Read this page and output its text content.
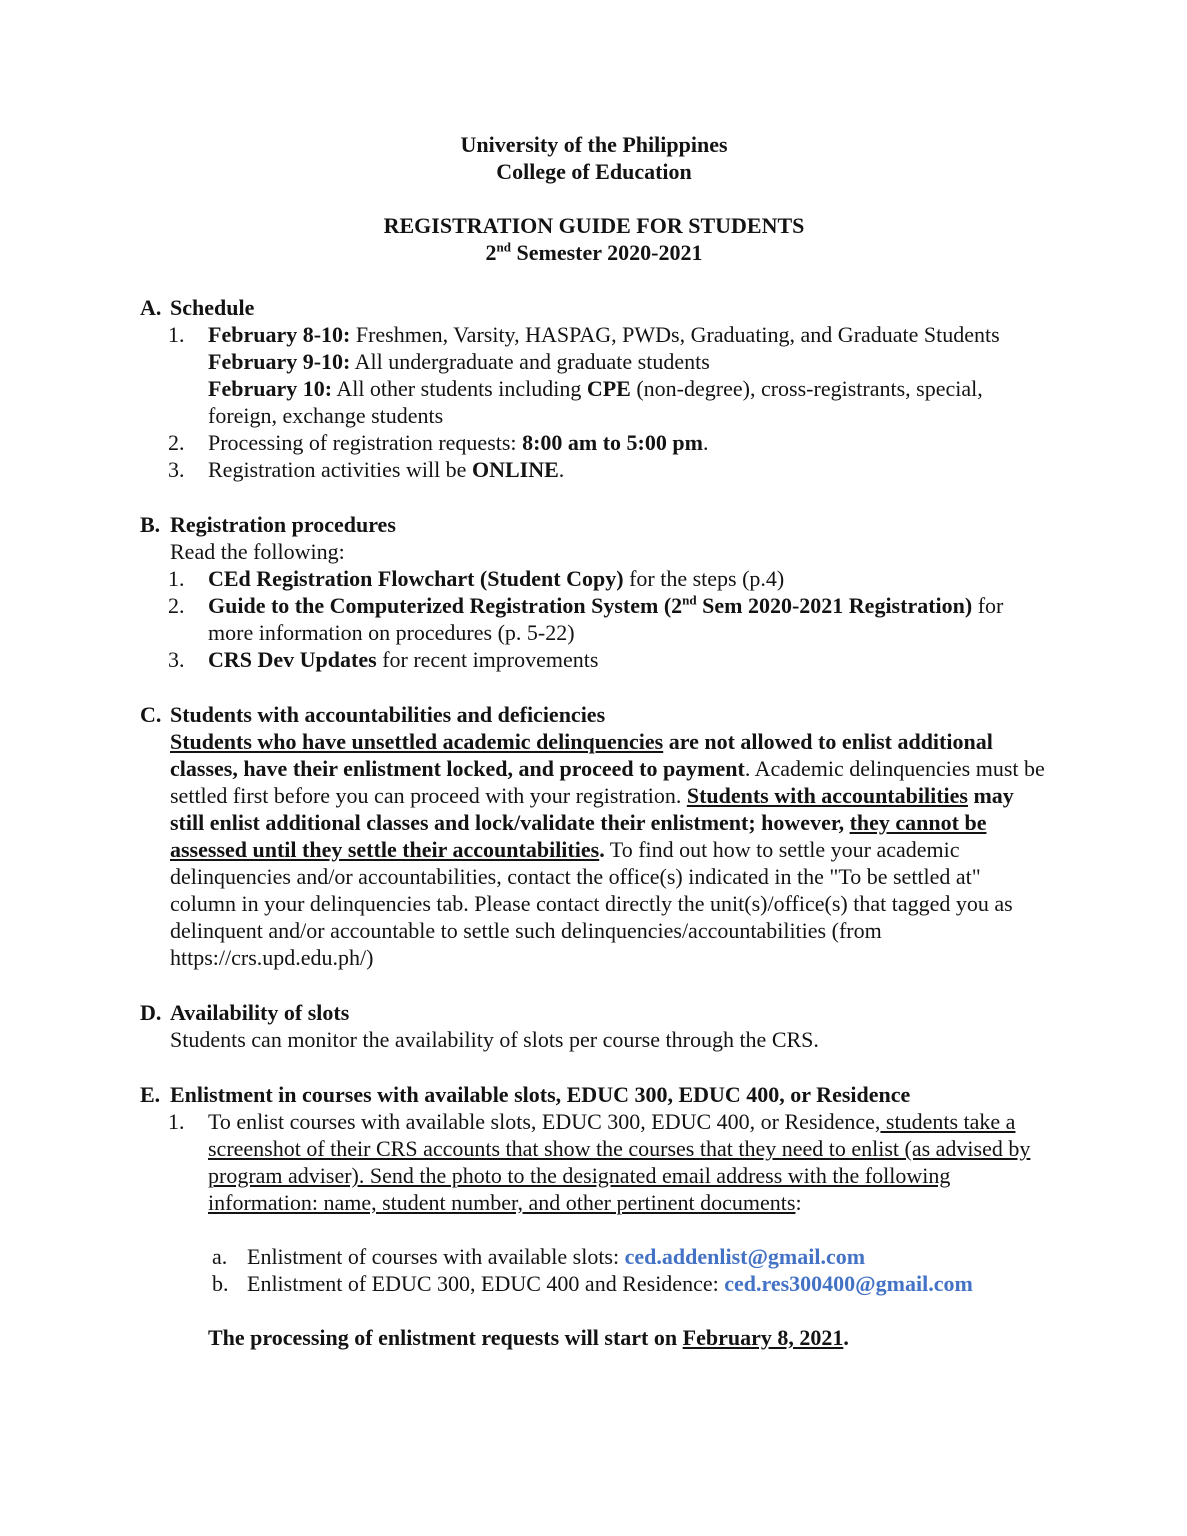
University of the Philippines
College of Education
REGISTRATION GUIDE FOR STUDENTS
2nd Semester 2020-2021
A. Schedule
1.	February 8-10: Freshmen, Varsity, HASPAG, PWDs, Graduating, and Graduate Students
February 9-10: All undergraduate and graduate students
February 10: All other students including CPE (non-degree), cross-registrants, special, foreign, exchange students
2.	Processing of registration requests: 8:00 am to 5:00 pm.
3.	Registration activities will be ONLINE.
B. Registration procedures
Read the following:
1.	CEd Registration Flowchart (Student Copy) for the steps (p.4)
2.	Guide to the Computerized Registration System (2nd Sem 2020-2021 Registration) for more information on procedures (p. 5-22)
3.	CRS Dev Updates for recent improvements
C. Students with accountabilities and deficiencies
Students who have unsettled academic delinquencies are not allowed to enlist additional classes, have their enlistment locked, and proceed to payment. Academic delinquencies must be settled first before you can proceed with your registration. Students with accountabilities may still enlist additional classes and lock/validate their enlistment; however, they cannot be assessed until they settle their accountabilities. To find out how to settle your academic delinquencies and/or accountabilities, contact the office(s) indicated in the "To be settled at" column in your delinquencies tab. Please contact directly the unit(s)/office(s) that tagged you as delinquent and/or accountable to settle such delinquencies/accountabilities (from https://crs.upd.edu.ph/)
D. Availability of slots
Students can monitor the availability of slots per course through the CRS.
E. Enlistment in courses with available slots, EDUC 300, EDUC 400, or Residence
1.	To enlist courses with available slots, EDUC 300, EDUC 400, or Residence, students take a screenshot of their CRS accounts that show the courses that they need to enlist (as advised by program adviser). Send the photo to the designated email address with the following information: name, student number, and other pertinent documents:
a. Enlistment of courses with available slots: ced.addenlist@gmail.com
b. Enlistment of EDUC 300, EDUC 400 and Residence: ced.res300400@gmail.com
The processing of enlistment requests will start on February 8, 2021.
